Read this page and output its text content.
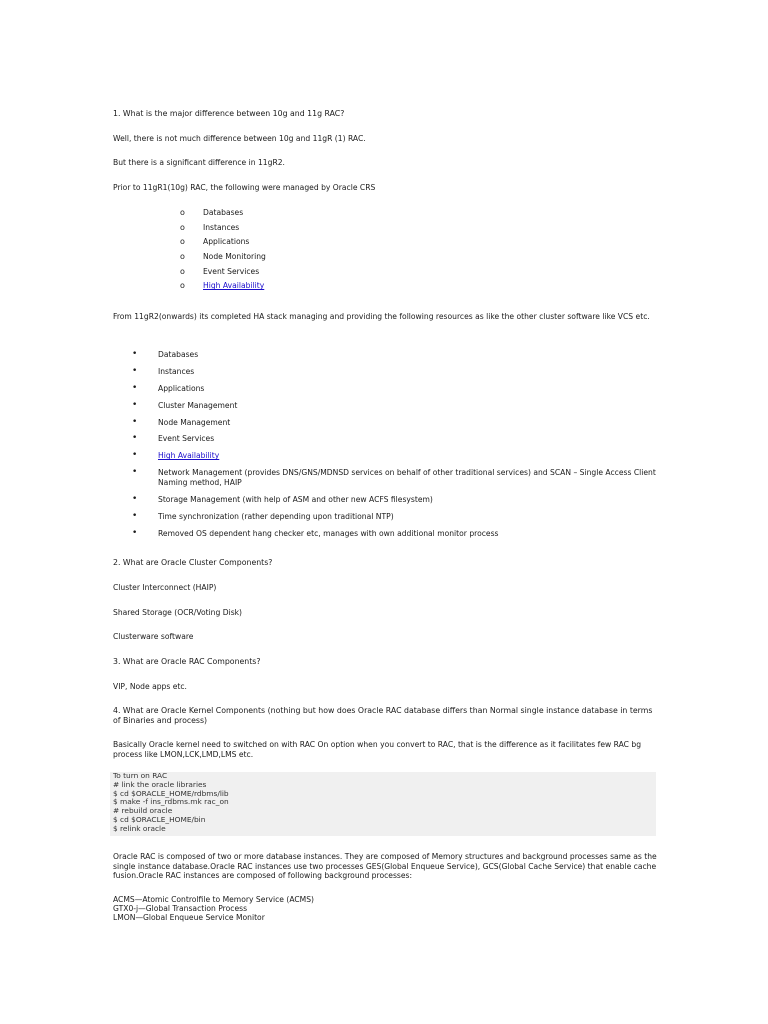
1. What is the major difference between 10g and 11g RAC?

Well, there is not much difference between 10g and 11gR (1) RAC.

But there is a significant difference in 11gR2.

Prior to 11gR1(10g) RAC, the following were managed by Oracle CRS

o Databases
o Instances
o Applications
o Node Monitoring
o Event Services
o High Availability

From 11gR2(onwards) its completed HA stack managing and providing the following resources as like the other cluster software like VCS etc.

•	Databases
•	Instances
•	Applications
•	Cluster Management
•	Node Management
•	Event Services
•	High Availability
•	Network Management (provides DNS/GNS/MDNSD services on behalf of other traditional services) and SCAN – Single Access Client Naming method, HAIP
•	Storage Management (with help of ASM and other new ACFS filesystem)
•	Time synchronization (rather depending upon traditional NTP)
•	Removed OS dependent hang checker etc, manages with own additional monitor process

2. What are Oracle Cluster Components?

Cluster Interconnect (HAIP)

Shared Storage (OCR/Voting Disk)

Clusterware software

3. What are Oracle RAC Components?

VIP, Node apps etc.

4. What are Oracle Kernel Components (nothing but how does Oracle RAC database differs than Normal single instance database in terms of Binaries and process)

Basically Oracle kernel need to switched on with RAC On option when you convert to RAC, that is the difference as it facilitates few RAC bg process like LMON,LCK,LMD,LMS etc.

To turn on RAC
# link the oracle libraries
$ cd $ORACLE_HOME/rdbms/lib
$ make -f ins_rdbms.mk rac_on
# rebuild oracle
$ cd $ORACLE_HOME/bin
$ relink oracle

Oracle RAC is composed of two or more database instances. They are composed of Memory structures and background processes same as the single instance database.Oracle RAC instances use two processes GES(Global Enqueue Service), GCS(Global Cache Service) that enable cache fusion.Oracle RAC instances are composed of following background processes:

ACMS—Atomic Controlfile to Memory Service (ACMS)
GTX0-j—Global Transaction Process
LMON—Global Enqueue Service Monitor
